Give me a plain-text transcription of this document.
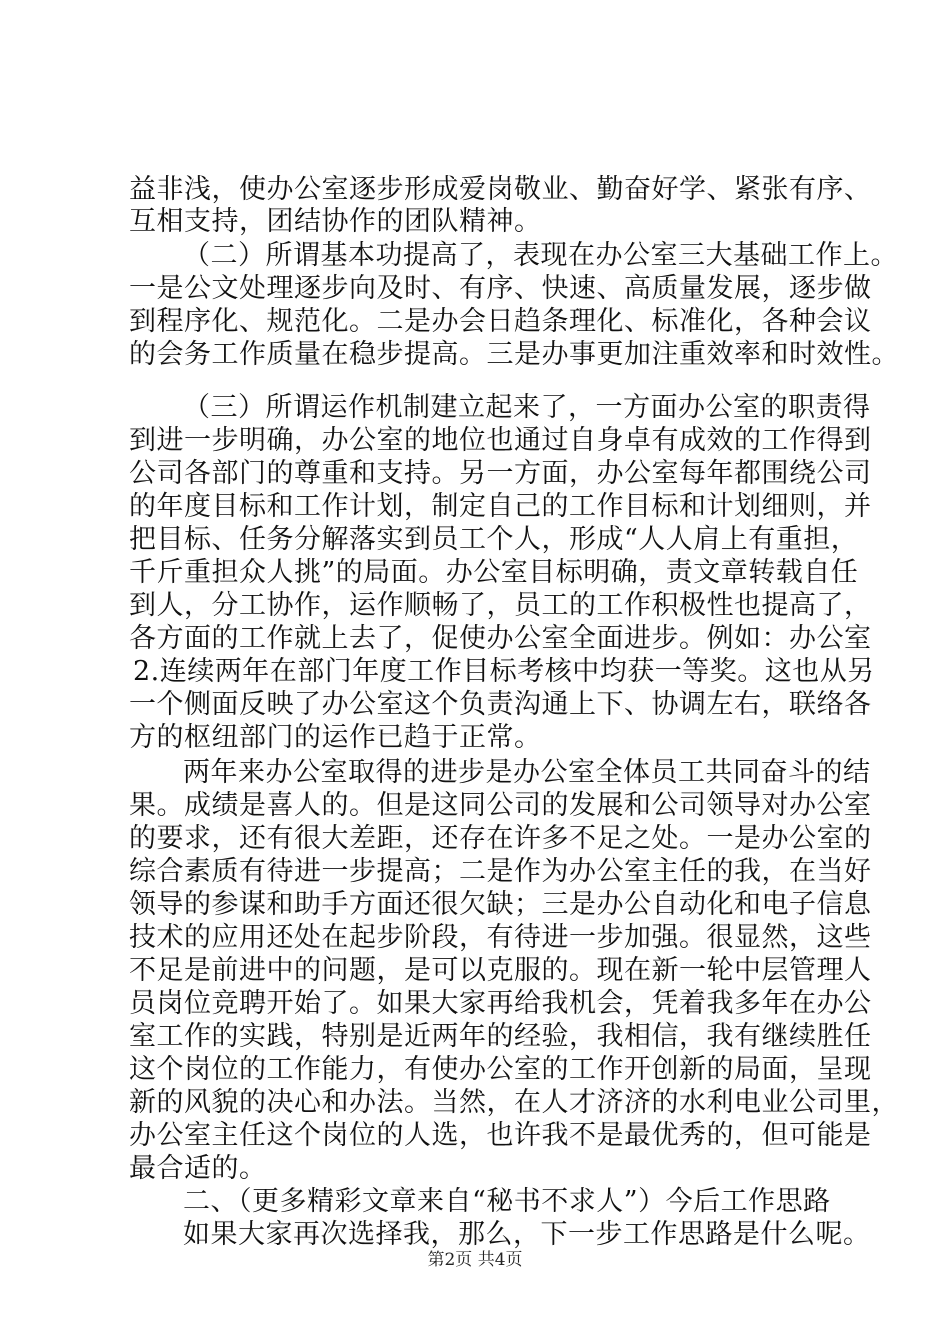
益非浅，使办公室逐步形成爱岗敬业、勤奋好学、紧张有序、
互相支持，团结协作的团队精神。
（二）所谓基本功提高了，表现在办公室三大基础工作上。
一是公文处理逐步向及时、有序、快速、高质量发展，逐步做
到程序化、规范化。二是办会日趋条理化、标准化，各种会议
的会务工作质量在稳步提高。三是办事更加注重效率和时效性。
（三）所谓运作机制建立起来了，一方面办公室的职责得
到进一步明确，办公室的地位也通过自身卓有成效的工作得到
公司各部门的尊重和支持。另一方面，办公室每年都围绕公司
的年度目标和工作计划，制定自己的工作目标和计划细则，并
把目标、任务分解落实到员工个人，形成“人人肩上有重担，
千斤重担众人挑”的局面。办公室目标明确，责文章转载自任
到人，分工协作，运作顺畅了，员工的工作积极性也提高了，
各方面的工作就上去了，促使办公室全面进步。例如：办公室
2.连续两年在部门年度工作目标考核中均获一等奖。这也从另
一个侧面反映了办公室这个负责沟通上下、协调左右，联络各
方的枢纽部门的运作已趋于正常。
两年来办公室取得的进步是办公室全体员工共同奋斗的结
果。成绩是喜人的。但是这同公司的发展和公司领导对办公室
的要求，还有很大差距，还存在许多不足之处。一是办公室的
综合素质有待进一步提高；二是作为办公室主任的我，在当好
领导的参谋和助手方面还很欠缺；三是办公自动化和电子信息
技术的应用还处在起步阶段，有待进一步加强。很显然，这些
不足是前进中的问题，是可以克服的。现在新一轮中层管理人
员岗位竞聘开始了。如果大家再给我机会，凭着我多年在办公
室工作的实践，特别是近两年的经验，我相信，我有继续胜任
这个岗位的工作能力，有使办公室的工作开创新的局面，呈现
新的风貌的决心和办法。当然，在人才济济的水利电业公司里，
办公室主任这个岗位的人选，也许我不是最优秀的，但可能是
最合适的。
二、（更多精彩文章来自“秘书不求人”）今后工作思路
如果大家再次选择我，那么，下一步工作思路是什么呢。
第2页 共4页
